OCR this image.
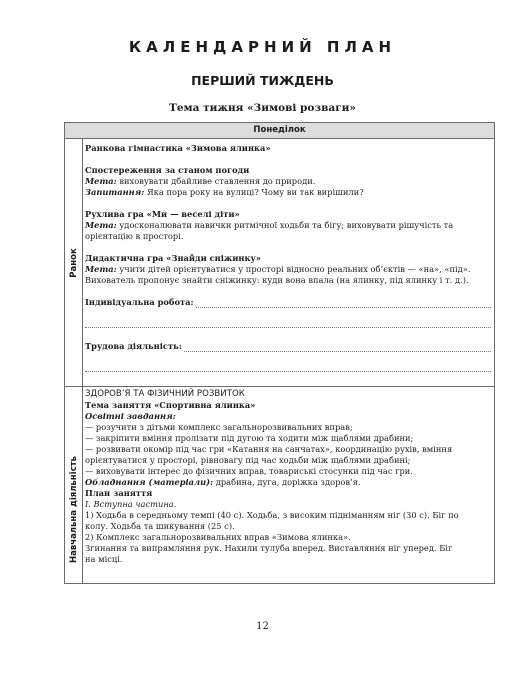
КАЛЕНДАРНИЙ ПЛАН
ПЕРШИЙ ТИЖДЕНЬ
Тема тижня «Зимові розваги»
Понеділок
Ранок
Навчальна діяльність
Ранкова гімнастика «Зимова ялинка»
Спостереження за станом погоди
Мета: виховувати дбайливе ставлення до природи.
Запитання: Яка пора року на вулиці? Чому ви так вирішили?
Рухлива гра «Ми — веселі діти»
Мета: удосконалювати навички ритмічної ходьби та бігу; виховувати рішучість та
орієнтацію в просторі.
Дидактична гра «Знайди сніжинку»
Мета: учити дітей орієнтуватися у просторі відносно реальних об’єктів — «на», «під».
Вихователь пропонує знайти сніжинку: куди вона впала (на ялинку, під ялинку і т. д.).
Індивідуальна робота:
Трудова діяльність:
ЗДОРОВ’Я ТА ФІЗИЧНИЙ РОЗВИТОК
Тема заняття «Спортивна ялинка»
Освітні завдання:
— розучити з дітьми комплекс загальнорозвивальних вправ;
— закріпити вміння пролізати під дугою та ходити між щаблями драбини;
— розвивати окомір під час гри «Катання на санчатах», координацію рухів, вміння
орієнтуватися у просторі, рівновагу під час ходьби між щаблями драбині;
— виховувати інтерес до фізичних вправ, товариські стосунки під час гри.
Обладнання (матеріали): драбина, дуга, доріжка здоров’я.
План заняття
I. Вступна частина.
1) Ходьба в середньому темпі (40 с). Ходьба, з високим підніманням ніг (30 с). Біг по
колу. Ходьба та шикування (25 с).
2) Комплекс загальнорозвивальних вправ «Зимова ялинка».
Згинання та випрямляння рук. Нахили тулуба вперед. Виставляння ніг уперед. Біг
на місці.
12
